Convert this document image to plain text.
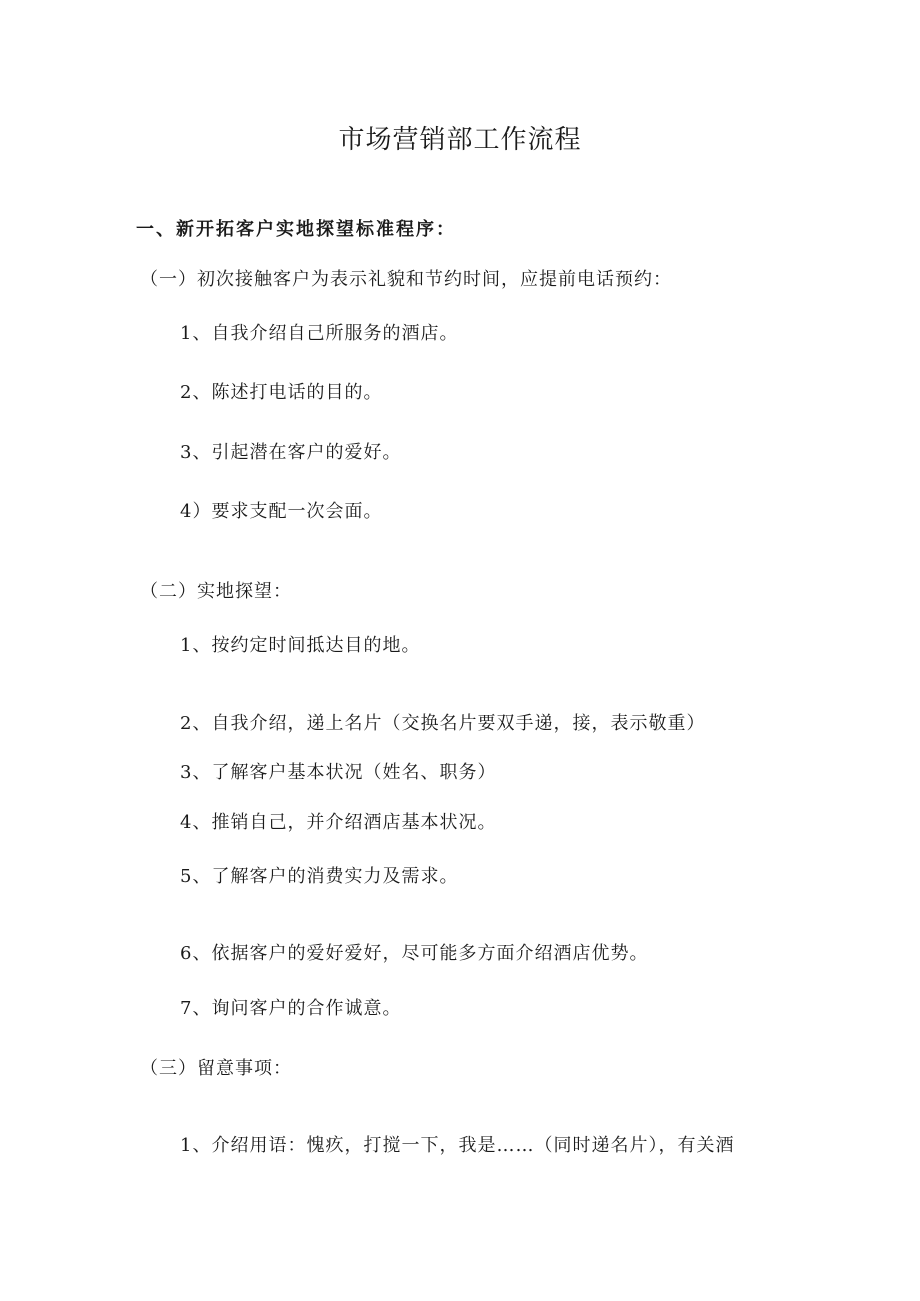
市场营销部工作流程
一、新开拓客户实地探望标准程序：
（一）初次接触客户为表示礼貌和节约时间，应提前电话预约：
1、自我介绍自己所服务的酒店。
2、陈述打电话的目的。
3、引起潜在客户的爱好。
4）要求支配一次会面。
（二）实地探望：
1、按约定时间抵达目的地。
2、自我介绍，递上名片（交换名片要双手递，接，表示敬重）
3、了解客户基本状况（姓名、职务）
4、推销自己，并介绍酒店基本状况。
5、了解客户的消费实力及需求。
6、依据客户的爱好爱好，尽可能多方面介绍酒店优势。
7、询问客户的合作诚意。
（三）留意事项：
1、介绍用语：愧疚，打搅一下，我是……（同时递名片），有关酒
